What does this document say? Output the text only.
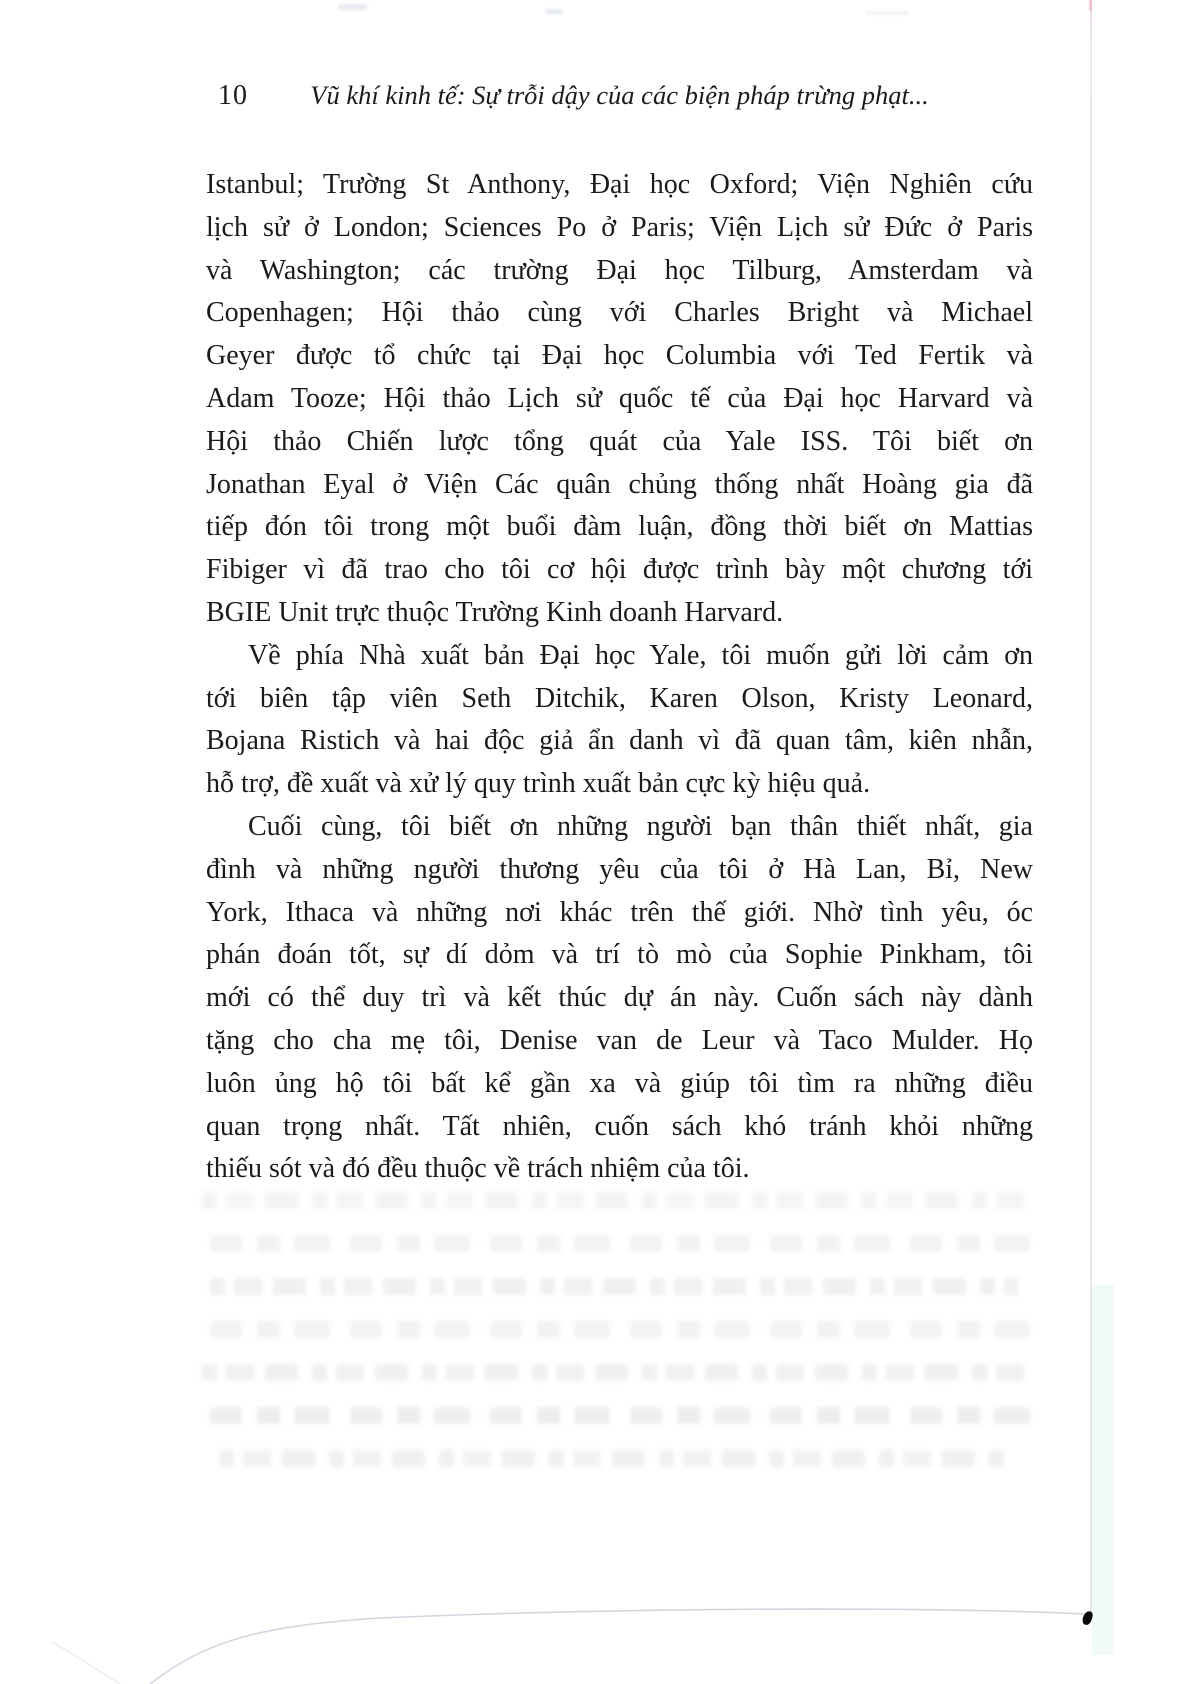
10	Vũ khí kinh tế: Sự trỗi dậy của các biện pháp trừng phạt...
Istanbul; Trường St Anthony, Đại học Oxford; Viện Nghiên cứu
lịch sử ở London; Sciences Po ở Paris; Viện Lịch sử Đức ở Paris
và Washington; các trường Đại học Tilburg, Amsterdam và
Copenhagen; Hội thảo cùng với Charles Bright và Michael
Geyer được tổ chức tại Đại học Columbia với Ted Fertik và
Adam Tooze; Hội thảo Lịch sử quốc tế của Đại học Harvard và
Hội thảo Chiến lược tổng quát của Yale ISS. Tôi biết ơn
Jonathan Eyal ở Viện Các quân chủng thống nhất Hoàng gia đã
tiếp đón tôi trong một buổi đàm luận, đồng thời biết ơn Mattias
Fibiger vì đã trao cho tôi cơ hội được trình bày một chương tới
BGIE Unit trực thuộc Trường Kinh doanh Harvard.
Về phía Nhà xuất bản Đại học Yale, tôi muốn gửi lời cảm ơn
tới biên tập viên Seth Ditchik, Karen Olson, Kristy Leonard,
Bojana Ristich và hai độc giả ẩn danh vì đã quan tâm, kiên nhẫn,
hỗ trợ, đề xuất và xử lý quy trình xuất bản cực kỳ hiệu quả.
Cuối cùng, tôi biết ơn những người bạn thân thiết nhất, gia
đình và những người thương yêu của tôi ở Hà Lan, Bỉ, New
York, Ithaca và những nơi khác trên thế giới. Nhờ tình yêu, óc
phán đoán tốt, sự dí dỏm và trí tò mò của Sophie Pinkham, tôi
mới có thể duy trì và kết thúc dự án này. Cuốn sách này dành
tặng cho cha mẹ tôi, Denise van de Leur và Taco Mulder. Họ
luôn ủng hộ tôi bất kể gần xa và giúp tôi tìm ra những điều
quan trọng nhất. Tất nhiên, cuốn sách khó tránh khỏi những
thiếu sót và đó đều thuộc về trách nhiệm của tôi.
